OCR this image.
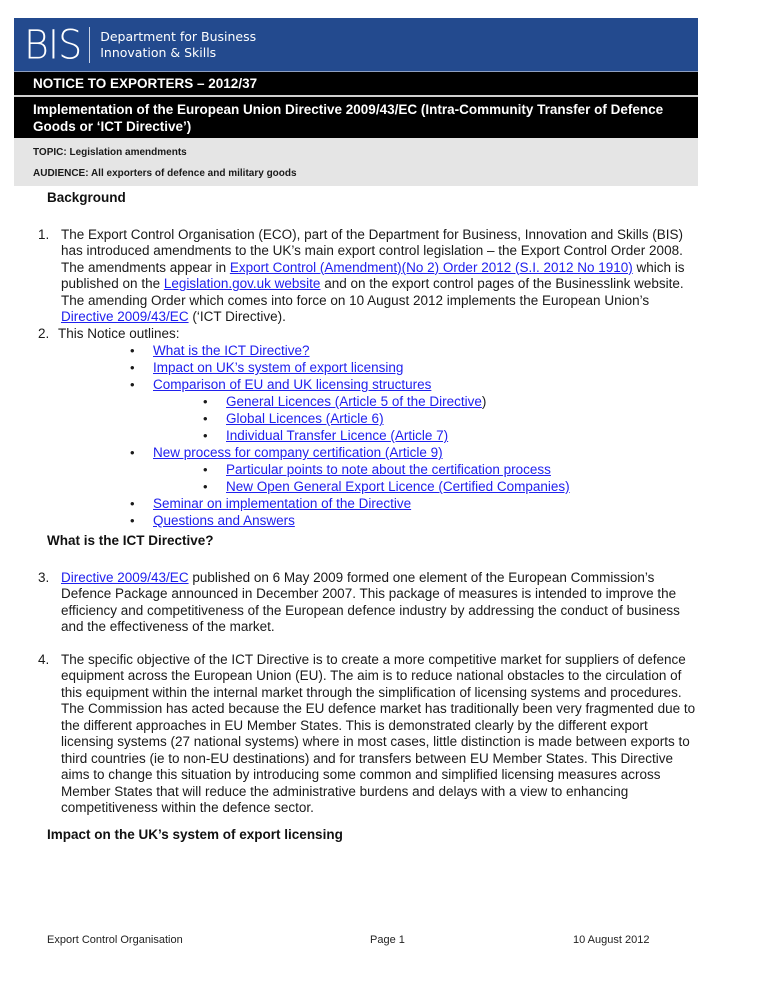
BIS Department for Business
Innovation & Skills
NOTICE TO EXPORTERS – 2012/37
Implementation of the European Union Directive 2009/43/EC (Intra-Community Transfer of Defence Goods or ‘ICT Directive’)
TOPIC: Legislation amendments
AUDIENCE: All exporters of defence and military goods
Background
1. The Export Control Organisation (ECO), part of the Department for Business, Innovation and Skills (BIS) has introduced amendments to the UK’s main export control legislation – the Export Control Order 2008. The amendments appear in Export Control (Amendment)(No 2) Order 2012 (S.I. 2012 No 1910) which is published on the Legislation.gov.uk website and on the export control pages of the Businesslink website. The amending Order which comes into force on 10 August 2012 implements the European Union’s Directive 2009/43/EC (‘ICT Directive).
2. This Notice outlines:
• What is the ICT Directive?
• Impact on UK’s system of export licensing
• Comparison of EU and UK licensing structures
• General Licences (Article 5 of the Directive)
• Global Licences (Article 6)
• Individual Transfer Licence (Article 7)
• New process for company certification (Article 9)
• Particular points to note about the certification process
• New Open General Export Licence (Certified Companies)
• Seminar on implementation of the Directive
• Questions and Answers
What is the ICT Directive?
3. Directive 2009/43/EC published on 6 May 2009 formed one element of the European Commission’s Defence Package announced in December 2007. This package of measures is intended to improve the efficiency and competitiveness of the European defence industry by addressing the conduct of business and the effectiveness of the market.
4. The specific objective of the ICT Directive is to create a more competitive market for suppliers of defence equipment across the European Union (EU). The aim is to reduce national obstacles to the circulation of this equipment within the internal market through the simplification of licensing systems and procedures. The Commission has acted because the EU defence market has traditionally been very fragmented due to the different approaches in EU Member States. This is demonstrated clearly by the different export licensing systems (27 national systems) where in most cases, little distinction is made between exports to third countries (ie to non-EU destinations) and for transfers between EU Member States. This Directive aims to change this situation by introducing some common and simplified licensing measures across Member States that will reduce the administrative burdens and delays with a view to enhancing competitiveness within the defence sector.
Impact on the UK’s system of export licensing
Export Control Organisation	Page 1	10 August 2012
